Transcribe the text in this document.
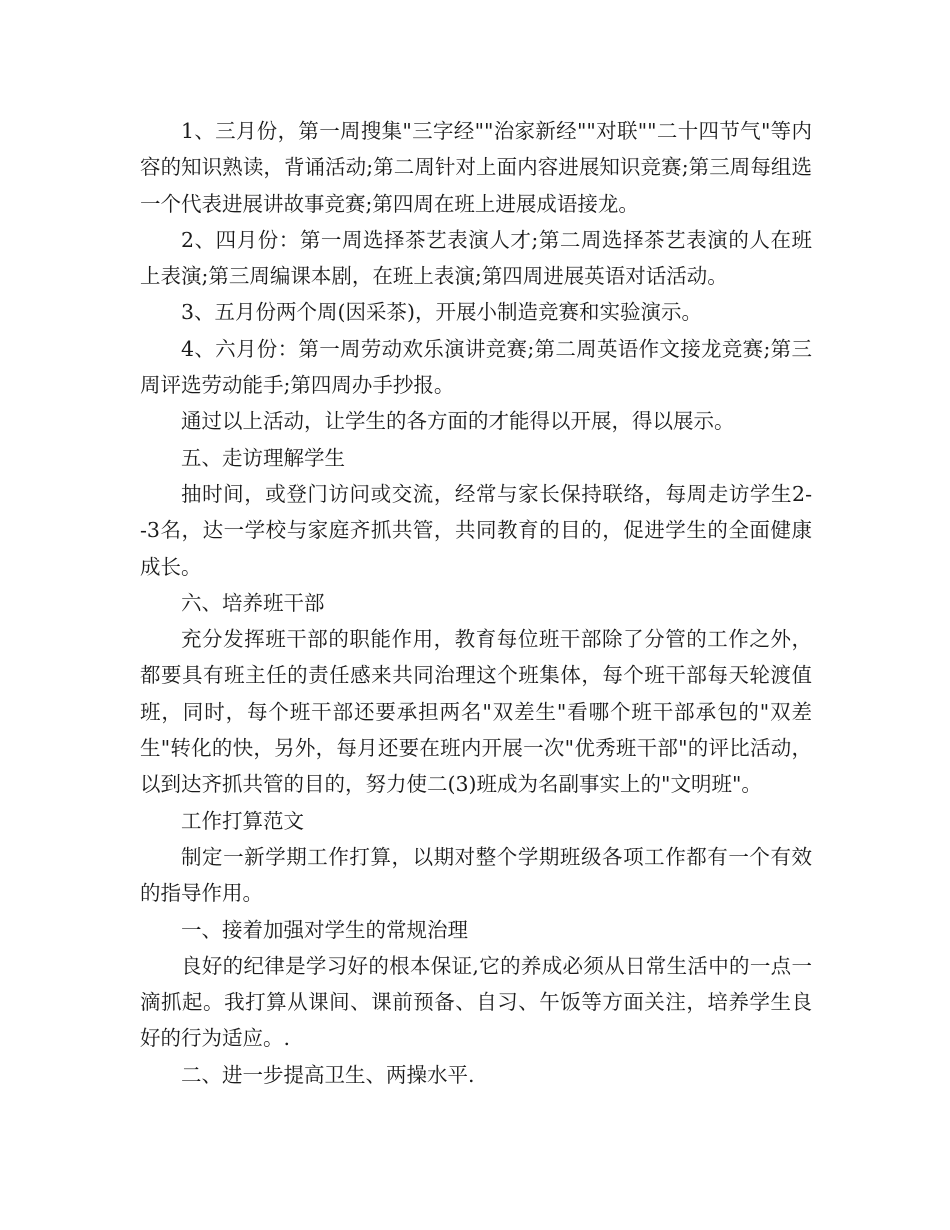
1、三月份，第一周搜集"三字经""治家新经""对联""二十四节气"等内容的知识熟读，背诵活动;第二周针对上面内容进展知识竞赛;第三周每组选一个代表进展讲故事竞赛;第四周在班上进展成语接龙。

2、四月份：第一周选择茶艺表演人才;第二周选择茶艺表演的人在班上表演;第三周编课本剧，在班上表演;第四周进展英语对话活动。

3、五月份两个周(因采茶)，开展小制造竞赛和实验演示。

4、六月份：第一周劳动欢乐演讲竞赛;第二周英语作文接龙竞赛;第三周评选劳动能手;第四周办手抄报。

通过以上活动，让学生的各方面的才能得以开展，得以展示。

五、走访理解学生

抽时间，或登门访问或交流，经常与家长保持联络，每周走访学生2--3名，达一学校与家庭齐抓共管，共同教育的目的，促进学生的全面健康成长。

六、培养班干部

充分发挥班干部的职能作用，教育每位班干部除了分管的工作之外，都要具有班主任的责任感来共同治理这个班集体，每个班干部每天轮渡值班，同时，每个班干部还要承担两名"双差生"看哪个班干部承包的"双差生"转化的快，另外，每月还要在班内开展一次"优秀班干部"的评比活动，以到达齐抓共管的目的，努力使二(3)班成为名副事实上的"文明班"。

工作打算范文

制定一新学期工作打算，以期对整个学期班级各项工作都有一个有效的指导作用。

一、接着加强对学生的常规治理

良好的纪律是学习好的根本保证,它的养成必须从日常生活中的一点一滴抓起。我打算从课间、课前预备、自习、午饭等方面关注，培养学生良好的行为适应。.

二、进一步提高卫生、两操水平.
